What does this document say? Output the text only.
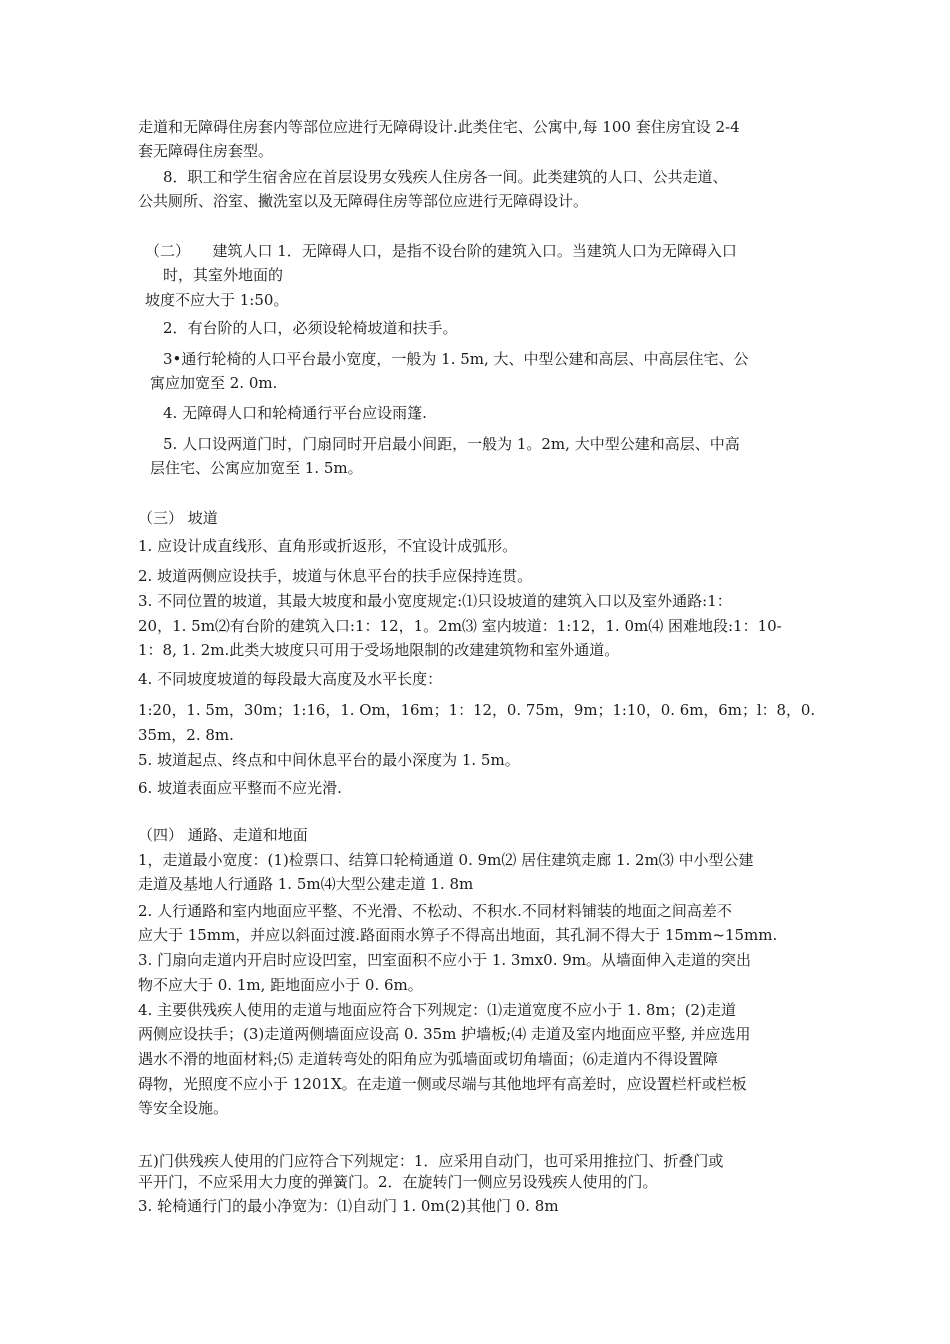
走道和无障碍住房套内等部位应进行无障碍设计.此类住宅、公寓中,每 100 套住房宜设 2-4
套无障碍住房套型。
8．职工和学生宿舍应在首层设男女残疾人住房各一间。此类建筑的人口、公共走道、
公共厕所、浴室、撇洗室以及无障碍住房等部位应进行无障碍设计。
（二）　　建筑人口 1．无障碍人口，是指不设台阶的建筑入口。当建筑人口为无障碍入口
时，其室外地面的
坡度不应大于 1:50。
2．有台阶的人口，必须设轮椅坡道和扶手。
3•通行轮椅的人口平台最小宽度，一般为 1. 5m, 大、中型公建和高层、中高层住宅、公
寓应加宽至 2. 0m.
4. 无障碍人口和轮椅通行平台应设雨篷.
5. 人口设两道门时，门扇同时开启最小间距，一般为 1。2m, 大中型公建和高层、中高
层住宅、公寓应加宽至 1. 5m。
（三） 坡道
1. 应设计成直线形、直角形或折返形，不宜设计成弧形。
2. 坡道两侧应设扶手，坡道与休息平台的扶手应保持连贯。
3. 不同位置的坡道，其最大坡度和最小宽度规定:⑴只设坡道的建筑入口以及室外通路:1：
20，1. 5m⑵有台阶的建筑入口:1：12，1。2m⑶ 室内坡道：1:12，1. 0m⑷ 困难地段:1：10-
1：8, 1. 2m.此类大坡度只可用于受场地限制的改建建筑物和室外通道。
4. 不同坡度坡道的每段最大高度及水平长度：
1:20，1. 5m，30m；1:16，1. Om，16m；1：12，0. 75m，9m；1:10，0. 6m，6m；l：8，0.
35m，2. 8m.
5. 坡道起点、终点和中间休息平台的最小深度为 1. 5m。
6. 坡道表面应平整而不应光滑.
（四） 通路、走道和地面
1，走道最小宽度：(1)检票口、结算口轮椅通道 0. 9m⑵ 居住建筑走廊 1. 2m⑶ 中小型公建
走道及基地人行通路 1. 5m⑷大型公建走道 1. 8m
2. 人行通路和室内地面应平整、不光滑、不松动、不积水.不同材料铺装的地面之间高差不
应大于 15mm，并应以斜面过渡.路面雨水箅子不得高出地面，其孔洞不得大于 15mm~15mm.
3. 门扇向走道内开启时应设凹室，凹室面积不应小于 1. 3mx0. 9m。从墙面伸入走道的突出
物不应大于 0. 1m, 距地面应小于 0. 6m。
4. 主要供残疾人使用的走道与地面应符合下列规定：⑴走道宽度不应小于 1. 8m；(2)走道
两侧应设扶手；(3)走道两侧墙面应设高 0. 35m 护墙板;⑷ 走道及室内地面应平整, 并应选用
遇水不滑的地面材料;⑸ 走道转弯处的阳角应为弧墙面或切角墙面；⑹走道内不得设置障
碍物，光照度不应小于 1201X。在走道一侧或尽端与其他地坪有高差时，应设置栏杆或栏板
等安全设施。
五)门供残疾人使用的门应符合下列规定：1．应采用自动门，也可采用推拉门、折叠门或
平开门，不应采用大力度的弹簧门。2．在旋转门一侧应另设残疾人使用的门。
3. 轮椅通行门的最小净宽为：⑴自动门 1. 0m(2)其他门 0. 8m
